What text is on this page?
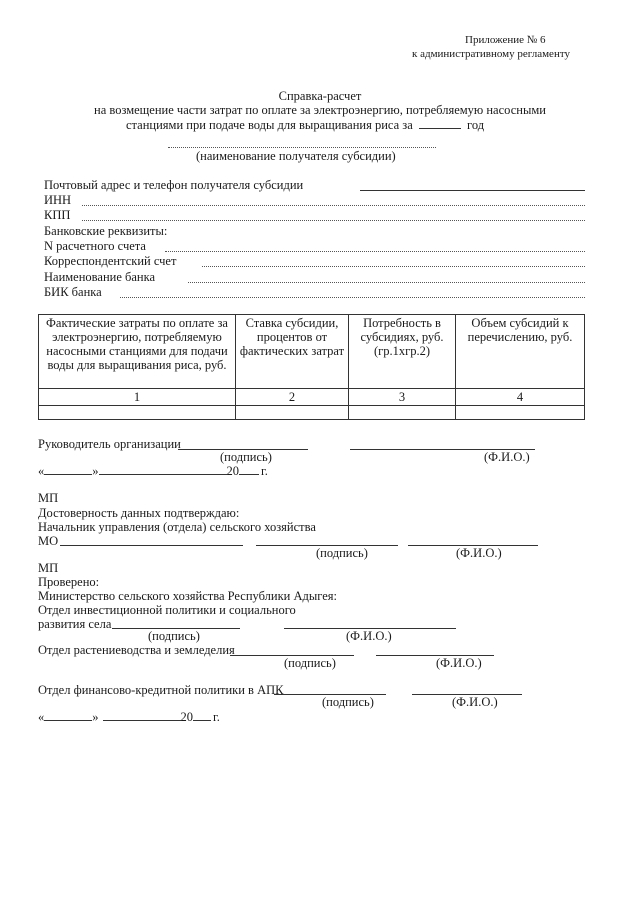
Приложение № 6
к административному регламенту
Справка-расчет
на возмещение части затрат по оплате за электроэнергию, потребляемую насосными
станциями при подаче воды для выращивания риса за	год
(наименование получателя субсидии)
Почтовый адрес и телефон получателя субсидии
ИНН
КПП
Банковские реквизиты:
N расчетного счета
Корреспондентский счет
Наименование банка
БИК банка
Фактические затраты по оплате за электроэнергию, потребляемую насосными станциями для подачи воды для выращивания риса, руб.	Ставка субсидии, процентов от фактических затрат	Потребность в субсидиях, руб. (гр.1хгр.2)	Объем субсидий к перечислению, руб.
1	2	3	4

Руководитель организации
(подпись)	(Ф.И.О.)
«	»	20 г.
МП
Достоверность данных подтверждаю:
Начальник управления (отдела) сельского хозяйства
МО
(подпись)	(Ф.И.О.)
МП
Проверено:
Министерство сельского хозяйства Республики Адыгея:
Отдел инвестиционной политики и социального
развития села
(подпись)	(Ф.И.О.)
Отдел растениеводства и земледелия
(подпись)	(Ф.И.О.)
Отдел финансово-кредитной политики в АПК
(подпись)	(Ф.И.О.)
«	»	20 г.
